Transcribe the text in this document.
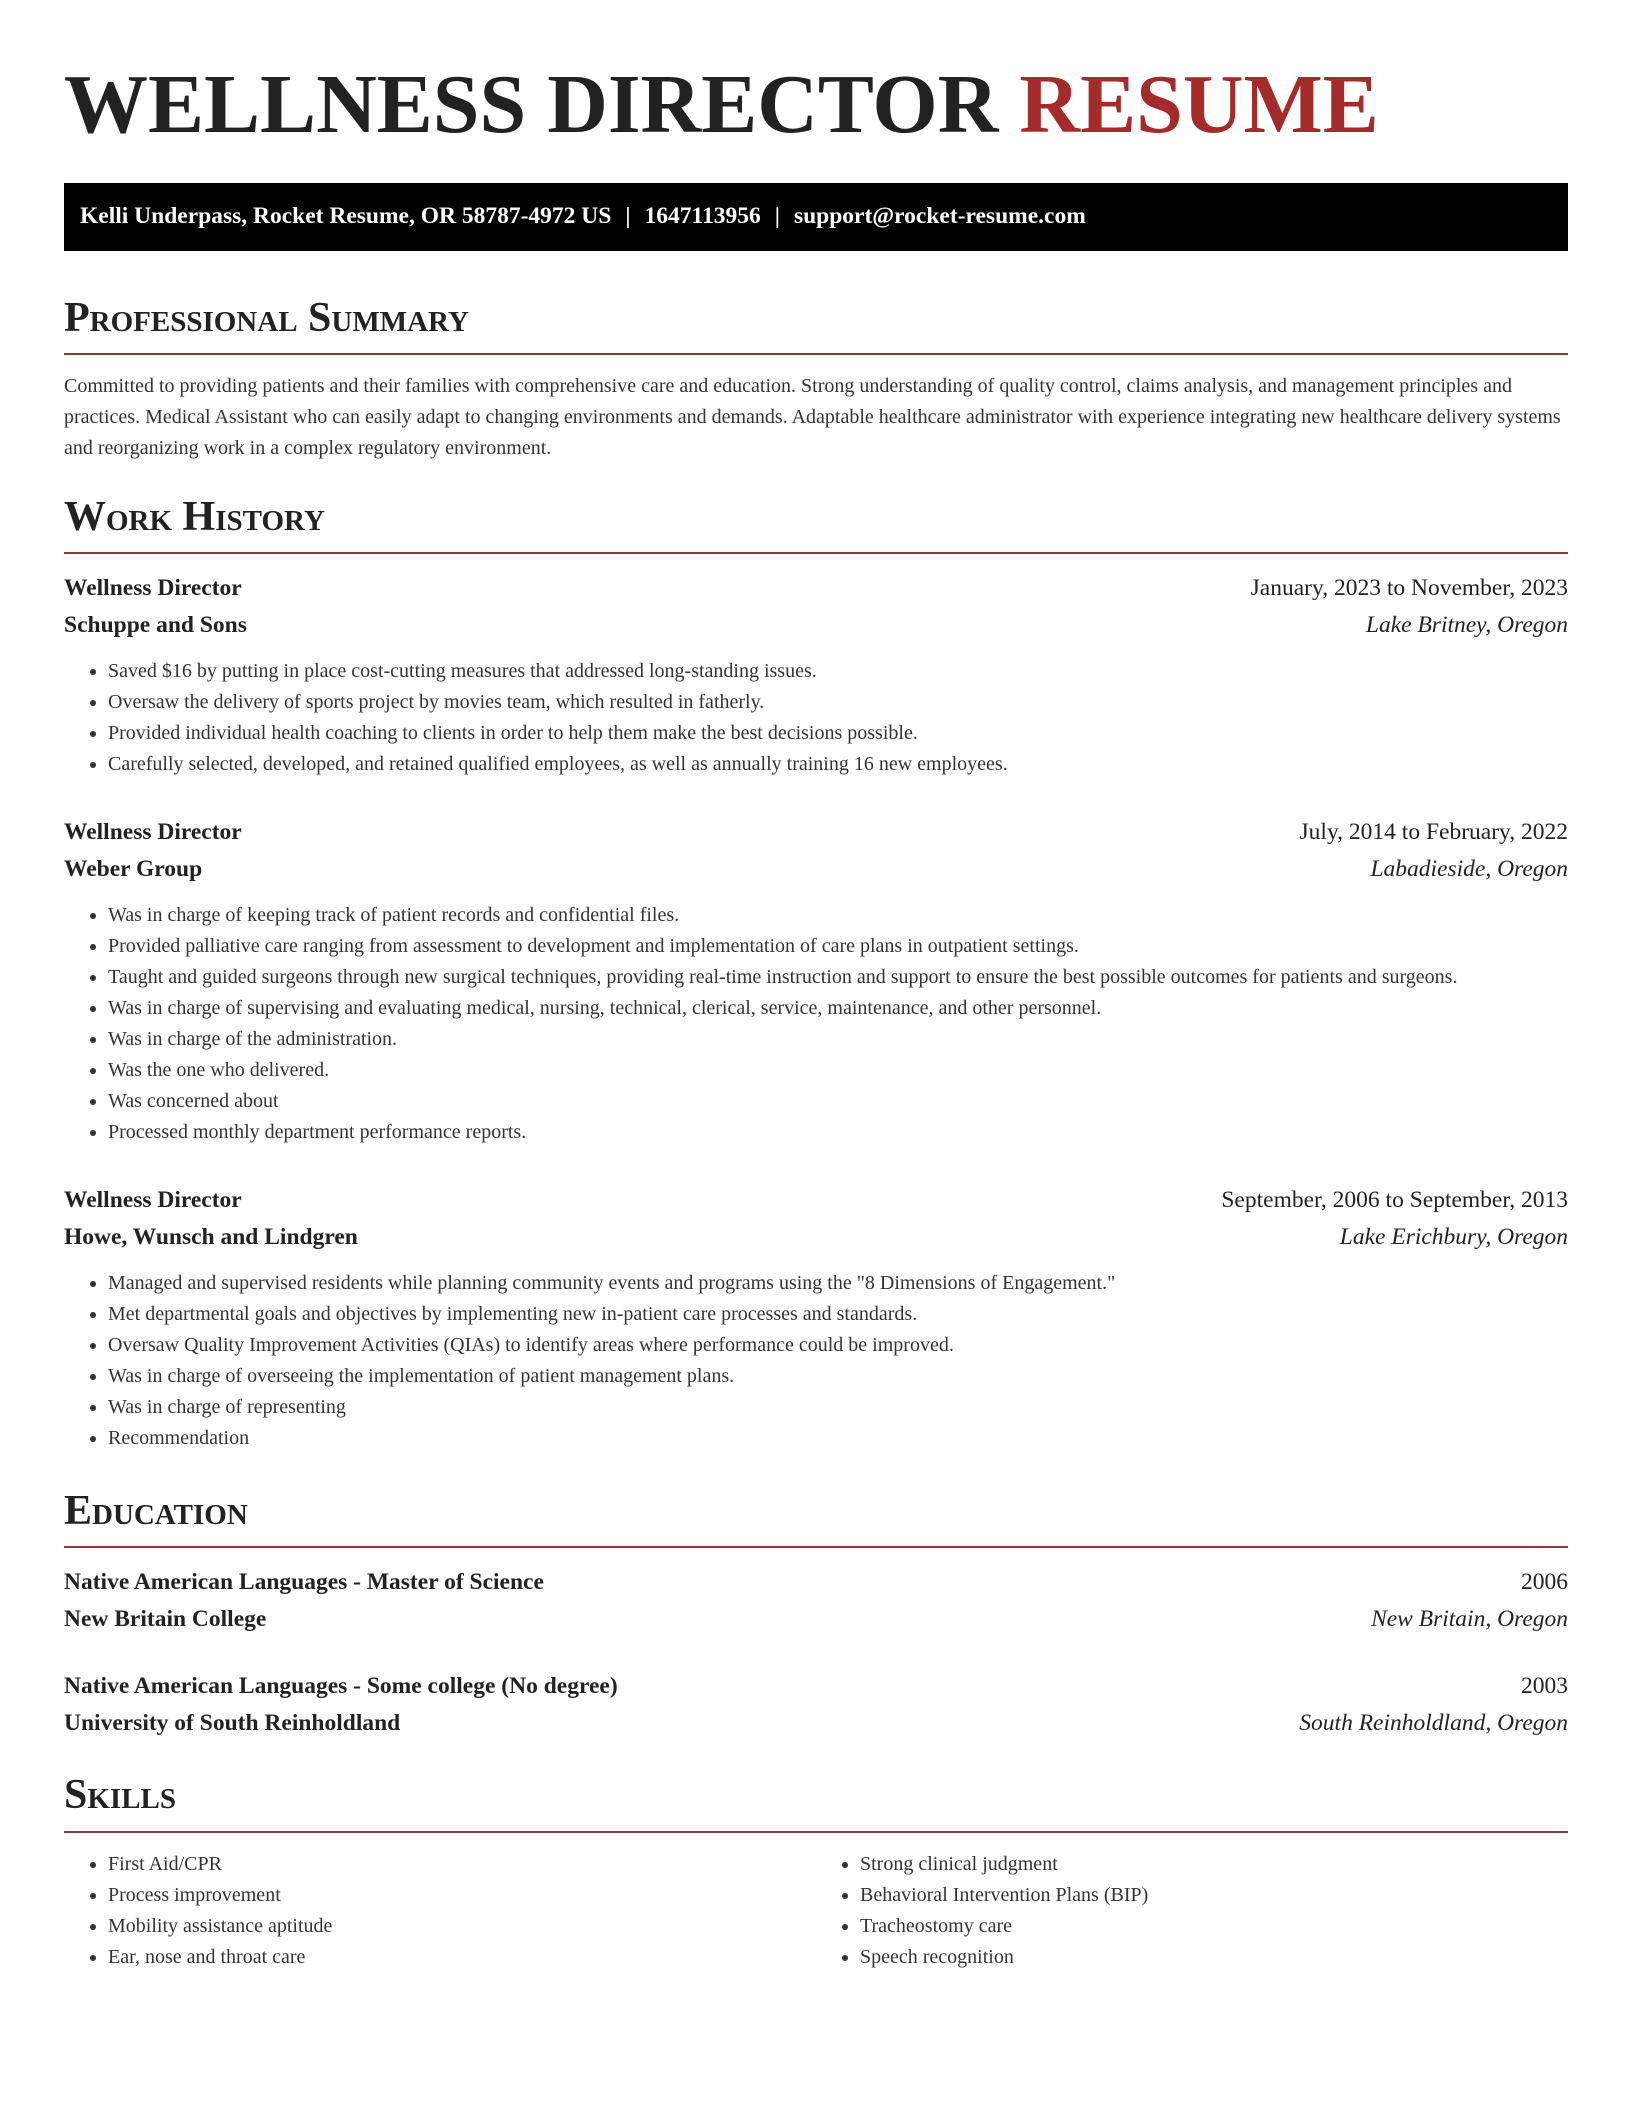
WELLNESS DIRECTOR RESUME
Kelli Underpass, Rocket Resume, OR 58787-4972 US | 1647113956 | support@rocket-resume.com
Professional Summary

Committed to providing patients and their families with comprehensive care and education. Strong understanding of quality control, claims analysis, and management principles and practices. Medical Assistant who can easily adapt to changing environments and demands. Adaptable healthcare administrator with experience integrating new healthcare delivery systems and reorganizing work in a complex regulatory environment.

Work History
Wellness Director	January, 2023 to November, 2023
Schuppe and Sons	Lake Britney, Oregon
• Saved $16 by putting in place cost-cutting measures that addressed long-standing issues.
• Oversaw the delivery of sports project by movies team, which resulted in fatherly.
• Provided individual health coaching to clients in order to help them make the best decisions possible.
• Carefully selected, developed, and retained qualified employees, as well as annually training 16 new employees.
Wellness Director	July, 2014 to February, 2022
Weber Group	Labadieside, Oregon
• Was in charge of keeping track of patient records and confidential files.
• Provided palliative care ranging from assessment to development and implementation of care plans in outpatient settings.
• Taught and guided surgeons through new surgical techniques, providing real-time instruction and support to ensure the best possible outcomes for patients and surgeons.
• Was in charge of supervising and evaluating medical, nursing, technical, clerical, service, maintenance, and other personnel.
• Was in charge of the administration.
• Was the one who delivered.
• Was concerned about
• Processed monthly department performance reports.
Wellness Director	September, 2006 to September, 2013
Howe, Wunsch and Lindgren	Lake Erichbury, Oregon
• Managed and supervised residents while planning community events and programs using the "8 Dimensions of Engagement."
• Met departmental goals and objectives by implementing new in-patient care processes and standards.
• Oversaw Quality Improvement Activities (QIAs) to identify areas where performance could be improved.
• Was in charge of overseeing the implementation of patient management plans.
• Was in charge of representing
• Recommendation
Education
Native American Languages - Master of Science	2006
New Britain College	New Britain, Oregon
Native American Languages - Some college (No degree)	2003
University of South Reinholdland	South Reinholdland, Oregon
Skills
• First Aid/CPR
• Process improvement
• Mobility assistance aptitude
• Ear, nose and throat care
• Strong clinical judgment
• Behavioral Intervention Plans (BIP)
• Tracheostomy care
• Speech recognition
